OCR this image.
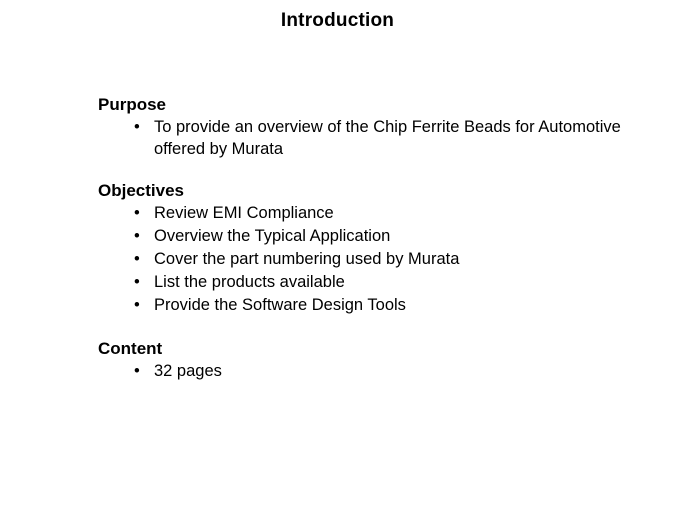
Introduction
Purpose
• To provide an overview of the Chip Ferrite Beads for Automotive offered by Murata
Objectives
• Review EMI Compliance
• Overview the Typical Application
• Cover the part numbering used by Murata
• List the products available
• Provide the Software Design Tools
Content
• 32 pages
